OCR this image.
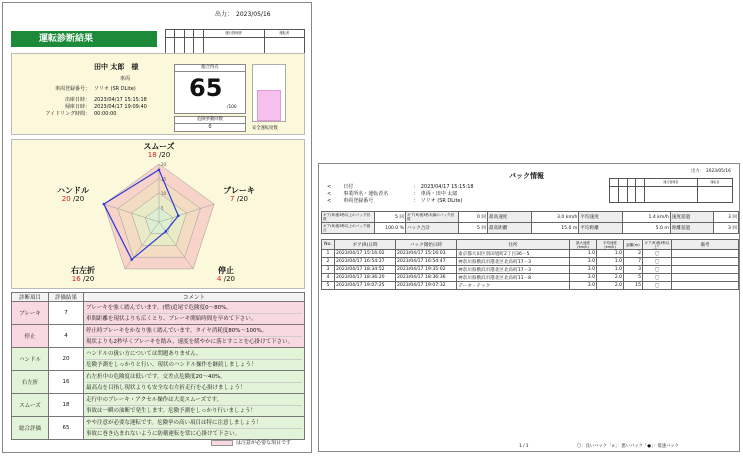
出力：　2023/05/16
運転診断結果
				運行管理者	運転者

田中 太郎　様
車両
車両登録番号： ソリオ (SR DLite)
出庫日時： 2023/04/17 15:15:18
帰庫日時： 2023/04/17 19:09:40
アイドリング時間： 00:00:00
総合得点
65
/100
危険挙動回数
0	安全運転度数
5
10
15
20
スムーズ
18 /20
ブレーキ
7 /20
停止
4 /20
右左折
16 /20
ハンドル
20 /20
診断項目	評価結果	コメント
ブレーキ	7	ブレーキを強く踏んでいます。(燃)追尾で危険度0～80%。
車間距離を現状よりも広くとり、ブレーキ開始時間を早めて下さい。

停止	4	停止時ブレーキをかなり強く踏んでいます。タイヤ消耗度80%～100%。
現状よりも2秒早くブレーキを踏み、速度を緩やかに落とすことを心掛けて下さい。

ハンドル	20	ハンドルの扱い方については問題ありません。
危険予測をしっかりと行い、現状のハンドル操作を継続しましょう！

右左折	16	右左折中の危険度は低いです。交差点危険度20～40%。
最高点を目指し現状よりも安全な右左折走行を心掛けましょう！

スムーズ	18	走行中のブレーキ・アクセル操作は大変スムーズです。
事故は一瞬の油断で発生します。危険予測をしっかり行いましょう！

総合評価	65	やや注意が必要な運転です。危険挙の高い項目は特に注意しましょう！
事故に巻き込まれないように防衛運転を常に心掛けて下さい。
は注意が必要な項目です
出力：　2023/05/16
バック情報
<	日付	：　2023/04/17 15:15:18
<	事業所名・運転者名	：　車両・田中 太郎
<	車両登録番号	：　ソリオ (SR DLite)
				運行管理者	運転者

ギア(R)後3秒以上のバック回数	5 回	ギア(R)後3秒未満のバック回数	0 回	最高速度	3.0 km/h	平均速度	1.4 km/h	速度超過	3 回
ギア(R)後3秒以上のバック割合	100.0 %	バック合計	5 回	最高距離	15.0 m	平均距離	5.0 m	距離超過	3 回
No.	ギア(R)日時	バック開始日時	住所	最大速度(km/h)	平均速度(km/h)	距離(m)	ギア(R)後3秒以上？	備考
1	2023/04/17 15:16:02	2023/04/17 15:16:03	東京都大田区羽田旭町2丁目36－5	1.0	1.0	2	〇	
2	2023/04/17 16:54:27	2023/04/17 16:54:47	神奈川県横浜市港北区北烏町17－3	3.0	1.0	7	〇	
3	2023/04/17 18:34:52	2023/04/17 19:35:02	神奈川県横浜市港北区北烏町17－3	3.0	1.0	3	〇	
4	2023/04/17 18:36:20	2023/04/17 18:36:36	神奈川県横浜市港北区北烏町11－8	3.0	2.0	5	〇	
5	2023/04/17 19:07:25	2023/04/17 19:07:32	データ・テック	3.0	2.0	15	〇	
1 / 1	〇：良いバック「×」：悪いバック「●」：低速バック
